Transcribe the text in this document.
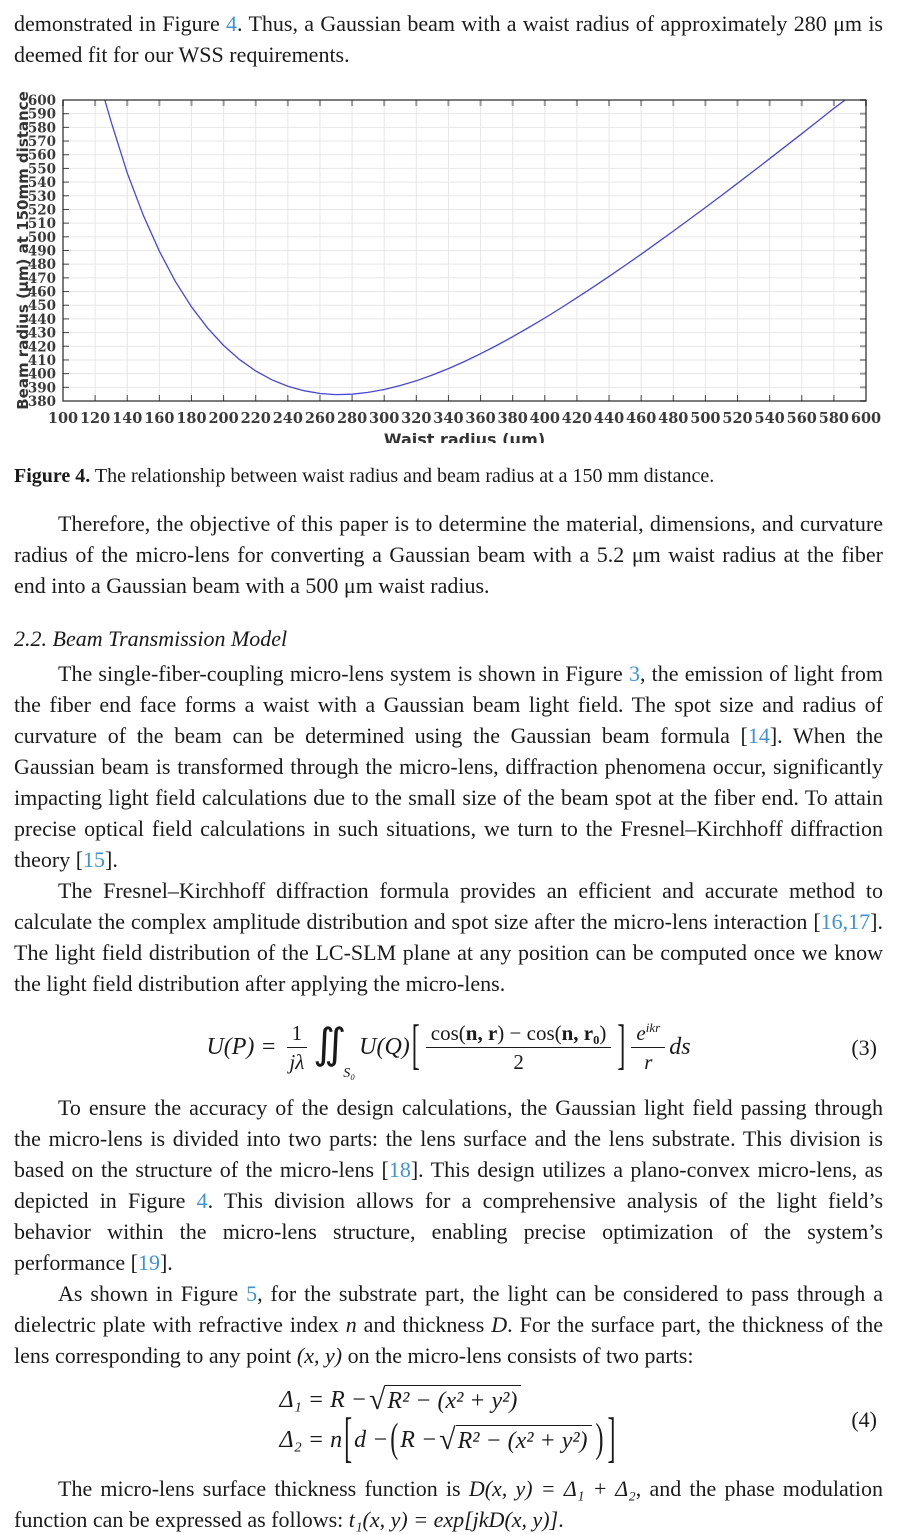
demonstrated in Figure 4. Thus, a Gaussian beam with a waist radius of approximately 280 μm is deemed fit for our WSS requirements.

100 120 140 160 180 200 220 240 260 280 300 320 340 360 380 400 420 440 460 480 500 520 540 560 580 600
380
390
400
410
420
430
440
450
460
470
480
490
500
510
520
530
540
550
560
570
580
590
600
Waist radius (μm)
Beam radius (μm) at 150mm distance

Figure 4. The relationship between waist radius and beam radius at a 150 mm distance.

Therefore, the objective of this paper is to determine the material, dimensions, and curvature radius of the micro-lens for converting a Gaussian beam with a 5.2 μm waist radius at the fiber end into a Gaussian beam with a 500 μm waist radius.

2.2. Beam Transmission Model

The single-fiber-coupling micro-lens system is shown in Figure 3, the emission of light from the fiber end face forms a waist with a Gaussian beam light field. The spot size and radius of curvature of the beam can be determined using the Gaussian beam formula [14]. When the Gaussian beam is transformed through the micro-lens, diffraction phenomena occur, significantly impacting light field calculations due to the small size of the beam spot at the fiber end. To attain precise optical field calculations in such situations, we turn to the Fresnel–Kirchhoff diffraction theory [15].

The Fresnel–Kirchhoff diffraction formula provides an efficient and accurate method to calculate the complex amplitude distribution and spot size after the micro-lens interaction [16,17]. The light field distribution of the LC-SLM plane at any position can be computed once we know the light field distribution after applying the micro-lens.

U(P) =
$\frac{1}{j\lambda}$ ∬
S₀
U(Q) [ $\frac{\text{cos(n, r) − cos(n, r₀)}}{2}$ ] $\frac{e^{ikr}}{r}$ ds	(3)

To ensure the accuracy of the design calculations, the Gaussian light field passing through the micro-lens is divided into two parts: the lens surface and the lens substrate. This division is based on the structure of the micro-lens [18]. This design utilizes a plano-convex micro-lens, as depicted in Figure 4. This division allows for a comprehensive analysis of the light field’s behavior within the micro-lens structure, enabling precise optimization of the system’s performance [19].

As shown in Figure 5, for the substrate part, the light can be considered to pass through a dielectric plate with refractive index n and thickness D. For the surface part, the thickness of the lens corresponding to any point (x, y) on the micro-lens consists of two parts:

Δ₁ = R − √ R² − (x² + y²)
Δ₂ = n [ d − ( R − √ R² − (x² + y²) ) ]	(4)

The micro-lens surface thickness function is D(x, y) = Δ₁ + Δ₂, and the phase modulation function can be expressed as follows: t₁(x, y) = exp[jkD(x, y)].
